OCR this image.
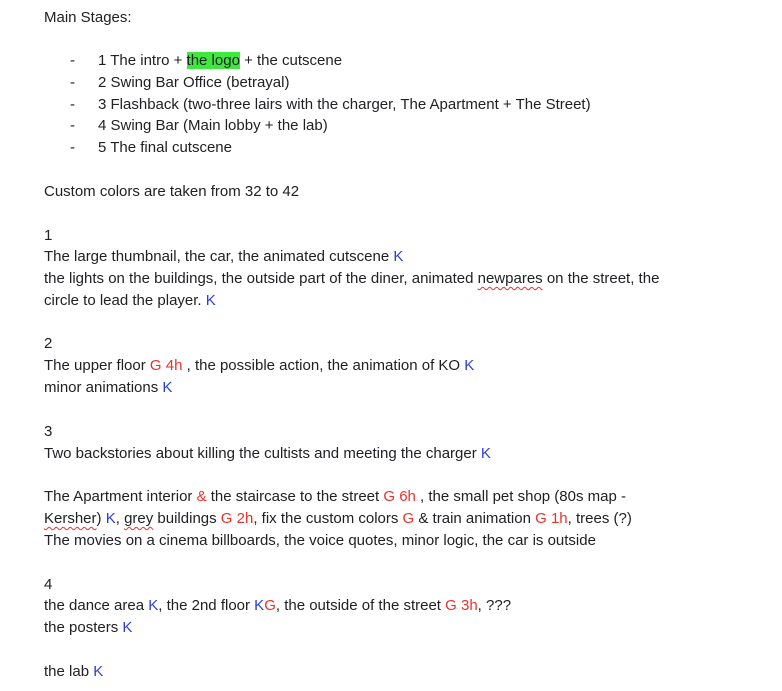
Main Stages:
- 1 The intro + the logo + the cutscene
- 2 Swing Bar Office (betrayal)
- 3 Flashback (two-three lairs with the charger, The Apartment + The Street)
- 4 Swing Bar (Main lobby + the lab)
- 5 The final cutscene
Custom colors are taken from 32 to 42
1
The large thumbnail, the car, the animated cutscene K
the lights on the buildings, the outside part of the diner, animated newpares on the street, the
circle to lead the player. K
2
The upper floor G 4h , the possible action, the animation of KO K
minor animations K
3
Two backstories about killing the cultists and meeting the charger K
The Apartment interior & the staircase to the street G 6h , the small pet shop (80s map -
Kersher) K, grey buildings G 2h, fix the custom colors G & train animation G 1h, trees (?)
The movies on a cinema billboards, the voice quotes, minor logic, the car is outside
4
the dance area K, the 2nd floor KG, the outside of the street G 3h, ???
the posters K
the lab K
